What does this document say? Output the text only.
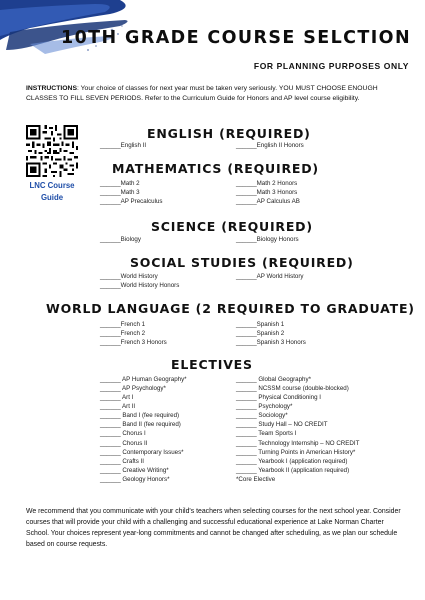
10TH GRADE COURSE SELCTION
FOR PLANNING PURPOSES ONLY
INSTRUCTIONS: Your choice of classes for next year must be taken very seriously. YOU MUST CHOOSE ENOUGH CLASSES TO FILL SEVEN PERIODS. Refer to the Curriculum Guide for Honors and AP level course eligibility.
LNC Course
Guide
ENGLISH (REQUIRED)
MATHEMATICS (REQUIRED)
SCIENCE (REQUIRED)
SOCIAL STUDIES (REQUIRED)
WORLD LANGUAGE (2 REQUIRED TO GRADUATE)
ELECTIVES
______English II	______English II Honors
______Math 2
______Math 3
______AP Precalculus
______Math 2 Honors
______Math 3 Honors
______AP Calculus AB
______Biology	______Biology Honors
______World History
______World History Honors
______AP World History
______French 1
______French 2
______French 3 Honors
______Spanish 1
______Spanish 2
______Spanish 3 Honors
______ AP Human Geography*
______ AP Psychology*
______ Art I
______ Art II
______ Band I (fee required)
______ Band II (fee required)
______ Chorus I
______ Chorus II
______ Contemporary Issues*
______ Crafts II
______ Creative Writing*
______ Geology Honors*
______ Global Geography*
______ NCSSM course (double-blocked)
______ Physical Conditioning I
______ Psychology*
______ Sociology*
______ Study Hall – NO CREDIT
______ Team Sports I
______ Technology Internship – NO CREDIT
______ Turning Points in American History*
______ Yearbook I (application required)
______ Yearbook II (application required)
*Core Elective
We recommend that you communicate with your child's teachers when selecting courses for the next school year. Consider courses that will provide your child with a challenging and successful educational experience at Lake Norman Charter School. Your choices represent year-long commitments and cannot be changed after scheduling, as we plan our schedule based on course requests.
